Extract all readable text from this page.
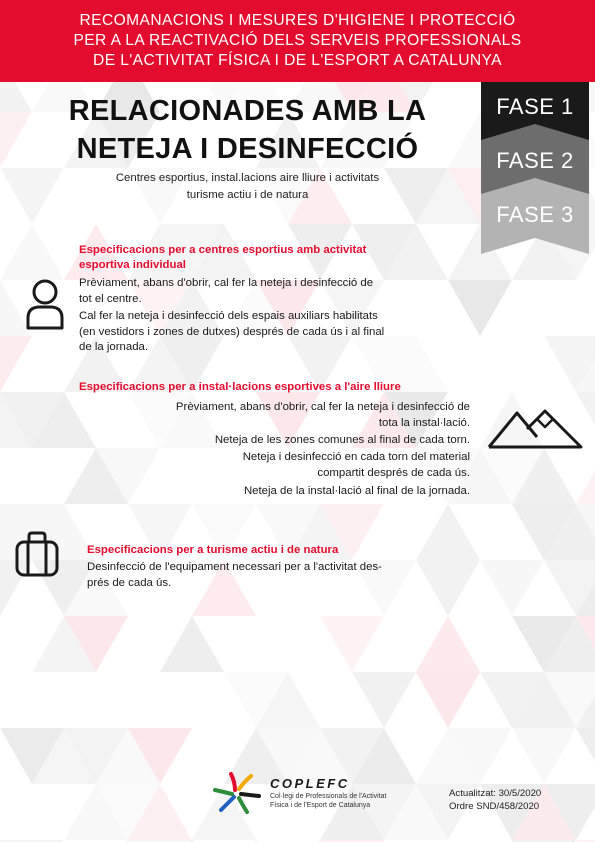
RECOMANACIONS I MESURES D'HIGIENE I PROTECCIÓ
PER A LA REACTIVACIÓ DELS SERVEIS PROFESSIONALS
DE L'ACTIVITAT FÍSICA I DE L'ESPORT A CATALUNYA
RELACIONADES AMB LA
NETEJA I DESINFECCIÓ
Centres esportius, instal.lacions aire lliure i activitats
turisme actiu i de natura
FASE 1
FASE 2
FASE 3
Especificacions per a centres esportius amb activitat
esportiva individual
Prèviament, abans d'obrir, cal fer la neteja i desinfecció de
tot el centre.
Cal fer la neteja i desinfecció dels espais auxiliars habilitats
(en vestidors i zones de dutxes) després de cada ús i al final
de la jornada.
Especificacions per a instal·lacions esportives a l'aire lliure
Prèviament, abans d'obrir, cal fer la neteja i desinfecció de
tota la instal·lació.
Neteja de les zones comunes al final de cada torn.
Neteja i desinfecció en cada torn del material
compartit després de cada ús.
Neteja de la instal·lació al final de la jornada.
Especificacions per a turisme actiu i de natura
Desinfecció de l'equipament necessari per a l'activitat des-
prés de cada ús.
COPLEFC
Col·legi de Professionals de l'Activitat
Física i de l'Esport de Catalunya
Actualitzat: 30/5/2020
Ordre SND/458/2020
